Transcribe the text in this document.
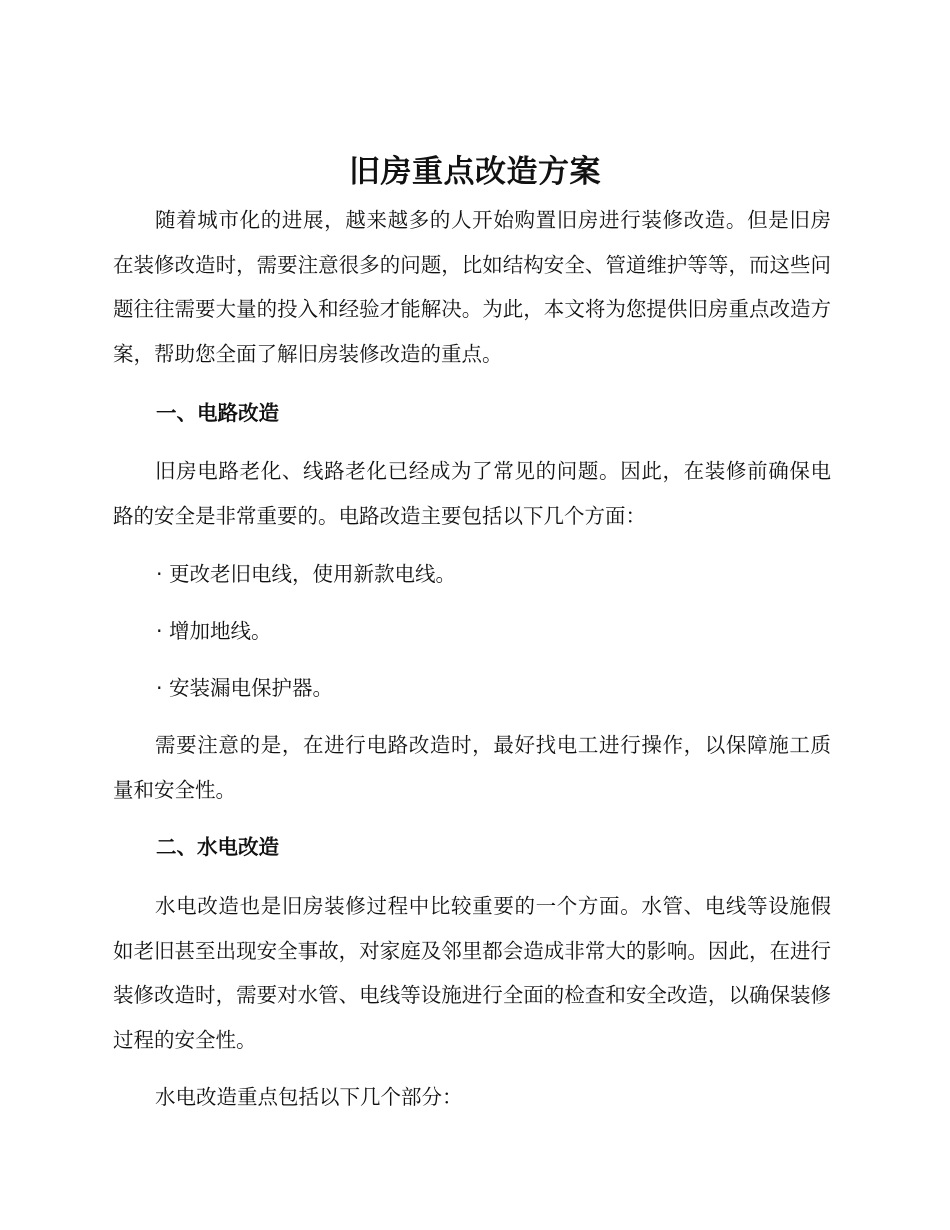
旧房重点改造方案

随着城市化的进展，越来越多的人开始购置旧房进行装修改造。但是旧房在装修改造时，需要注意很多的问题，比如结构安全、管道维护等等，而这些问题往往需要大量的投入和经验才能解决。为此，本文将为您提供旧房重点改造方案，帮助您全面了解旧房装修改造的重点。

一、电路改造

旧房电路老化、线路老化已经成为了常见的问题。因此，在装修前确保电路的安全是非常重要的。电路改造主要包括以下几个方面：

· 更改老旧电线，使用新款电线。

· 增加地线。

· 安装漏电保护器。

需要注意的是，在进行电路改造时，最好找电工进行操作，以保障施工质量和安全性。

二、水电改造

水电改造也是旧房装修过程中比较重要的一个方面。水管、电线等设施假如老旧甚至出现安全事故，对家庭及邻里都会造成非常大的影响。因此，在进行装修改造时，需要对水管、电线等设施进行全面的检查和安全改造，以确保装修过程的安全性。

水电改造重点包括以下几个部分：
